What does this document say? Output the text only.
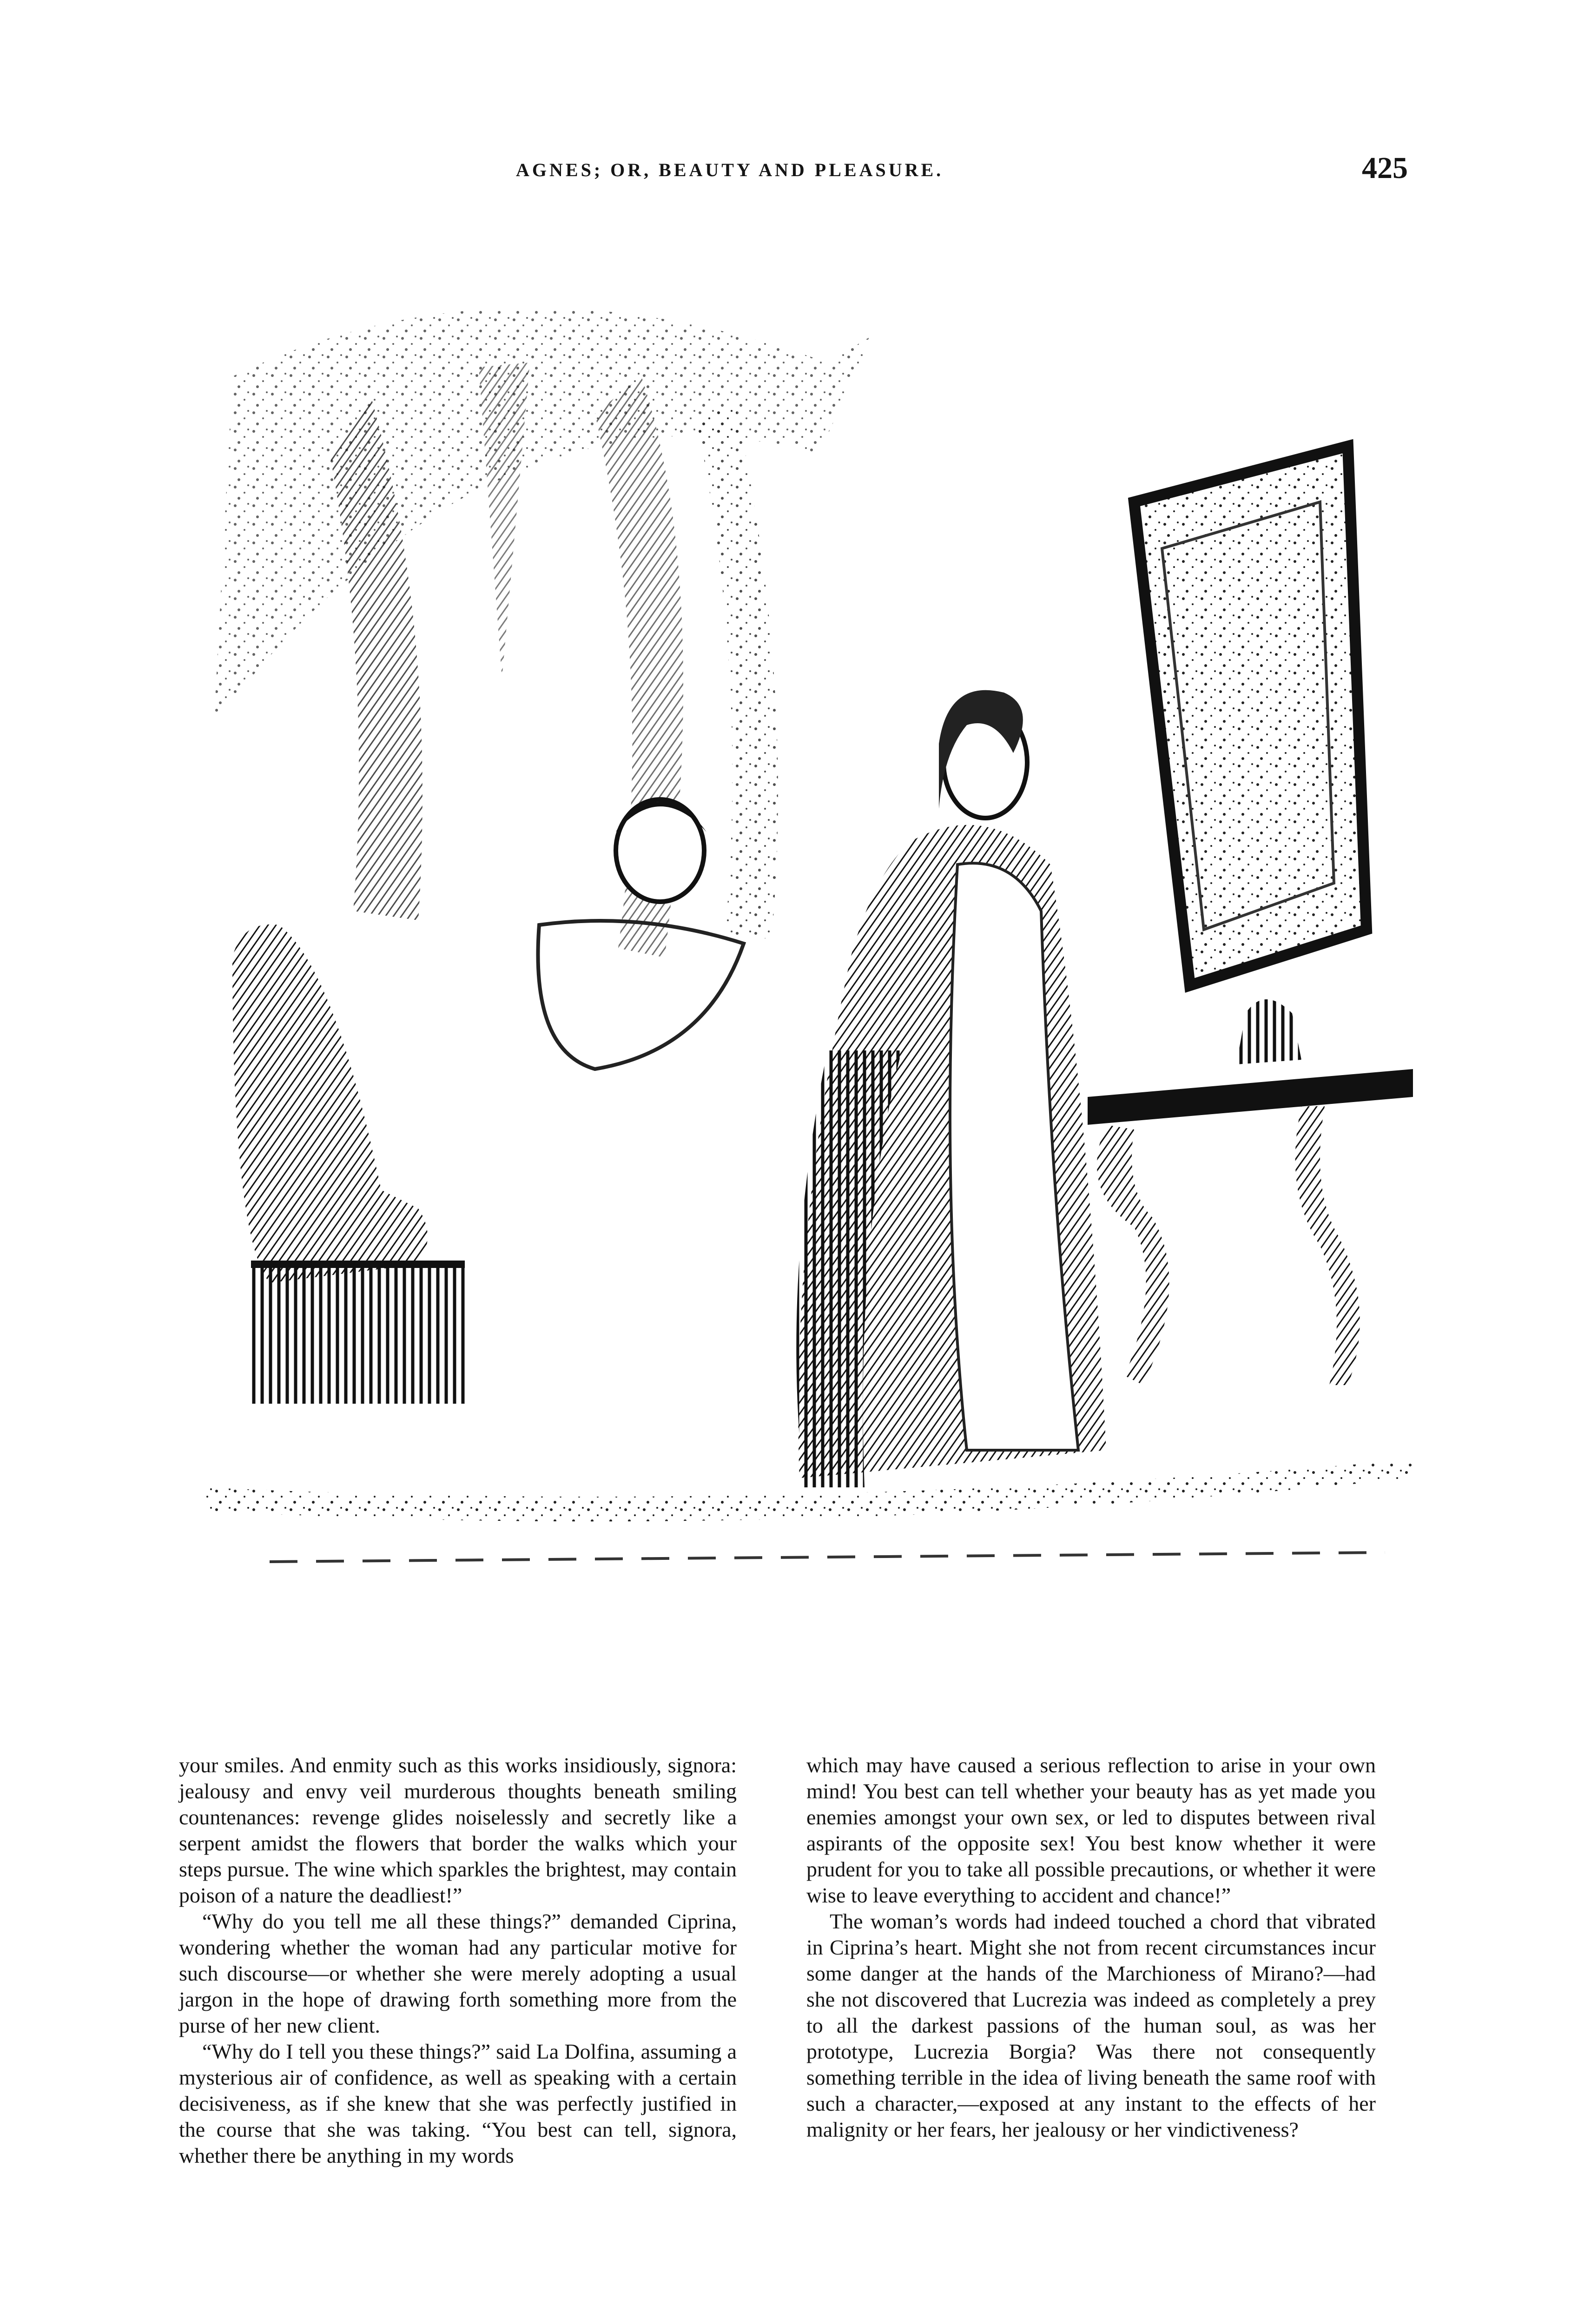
AGNES; OR, BEAUTY AND PLEASURE.	425

your smiles. And enmity such as this works insidiously, signora: jealousy and envy veil murderous thoughts beneath smiling countenances: revenge glides noiselessly and secretly like a serpent amidst the flowers that border the walks which your steps pursue. The wine which sparkles the brightest, may contain poison of a nature the deadliest!”

“Why do you tell me all these things?” demanded Ciprina, wondering whether the woman had any particular motive for such discourse—or whether she were merely adopting a usual jargon in the hope of drawing forth something more from the purse of her new client.

“Why do I tell you these things?” said La Dolfina, assuming a mysterious air of confidence, as well as speaking with a certain decisiveness, as if she knew that she was perfectly justified in the course that she was taking. “You best can tell, signora, whether there be anything in my words

which may have caused a serious reflection to arise in your own mind! You best can tell whether your beauty has as yet made you enemies amongst your own sex, or led to disputes between rival aspirants of the opposite sex! You best know whether it were prudent for you to take all possible precautions, or whether it were wise to leave everything to accident and chance!”

The woman’s words had indeed touched a chord that vibrated in Ciprina’s heart. Might she not from recent circumstances incur some danger at the hands of the Marchioness of Mirano?—had she not discovered that Lucrezia was indeed as completely a prey to all the darkest passions of the human soul, as was her prototype, Lucrezia Borgia? Was there not consequently something terrible in the idea of living beneath the same roof with such a character,—exposed at any instant to the effects of her malignity or her fears, her jealousy or her vindictiveness?
